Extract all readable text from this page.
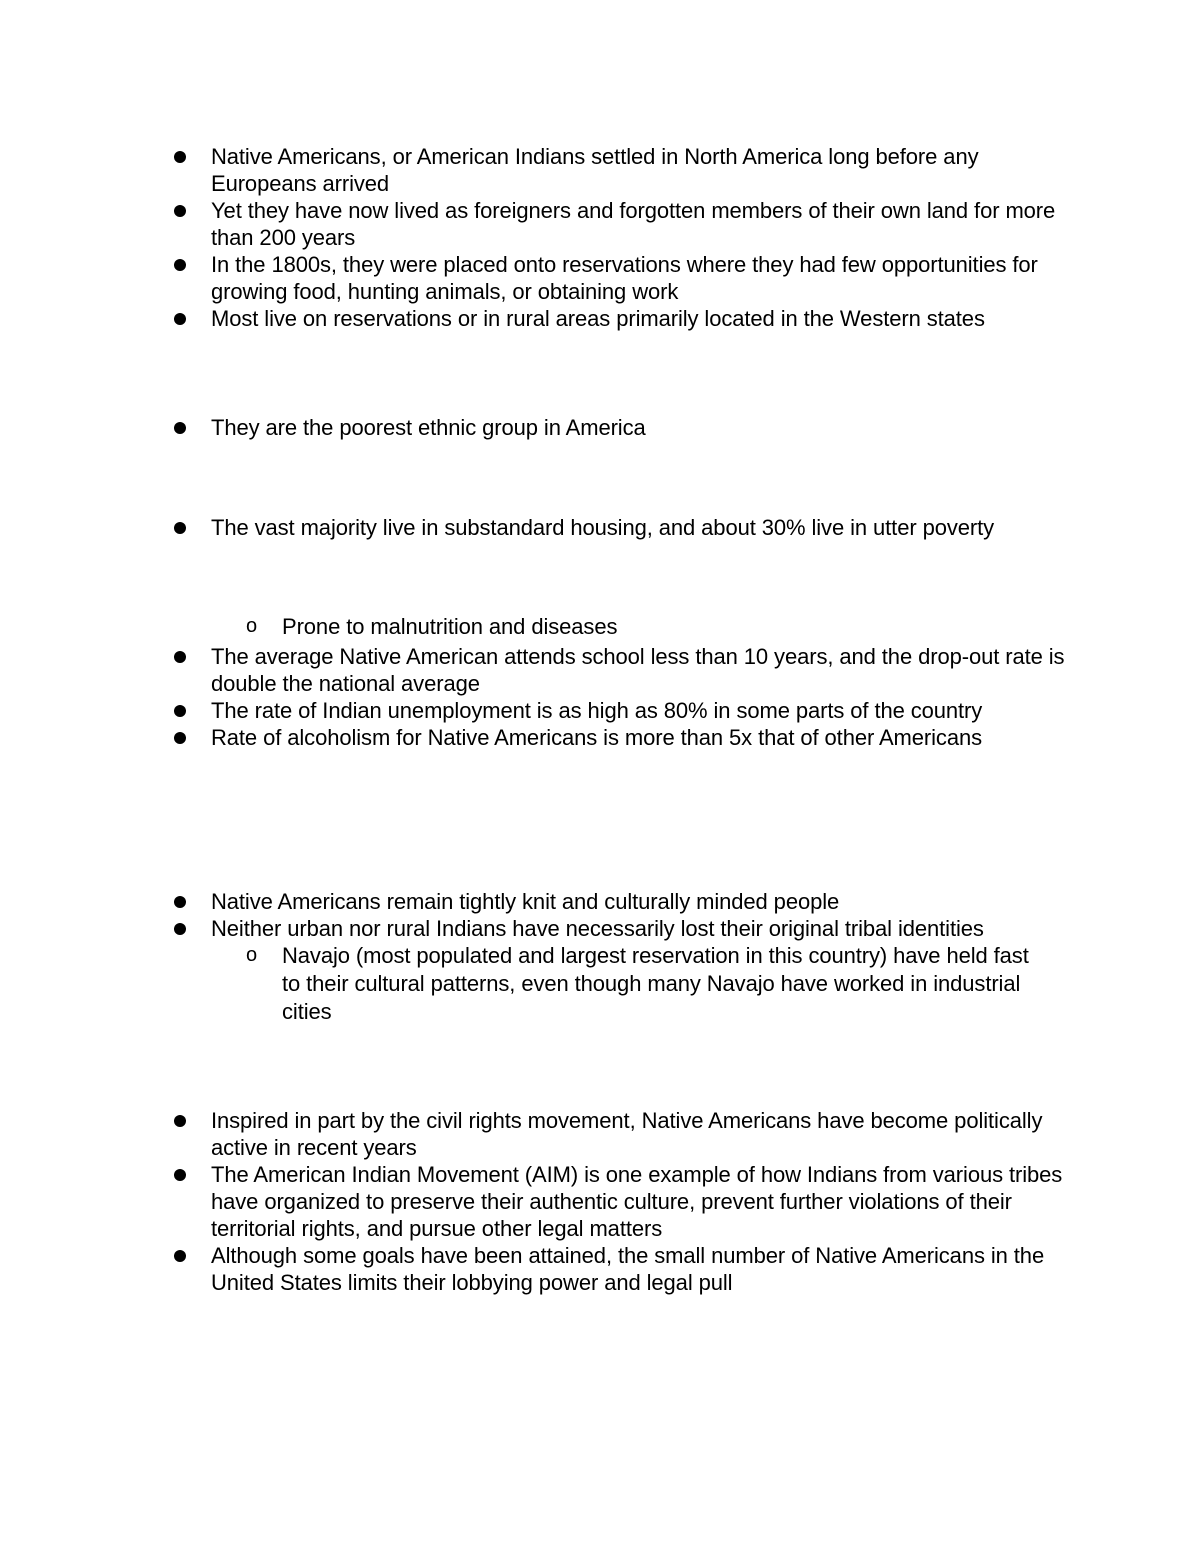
Native Americans, or American Indians settled in North America long before any Europeans arrived
Yet they have now lived as foreigners and forgotten members of their own land for more than 200 years
In the 1800s, they were placed onto reservations where they had few opportunities for growing food, hunting animals, or obtaining work
Most live on reservations or in rural areas primarily located in the Western states
They are the poorest ethnic group in America
The vast majority live in substandard housing, and about 30% live in utter poverty
o Prone to malnutrition and diseases
The average Native American attends school less than 10 years, and the drop-out rate is double the national average
The rate of Indian unemployment is as high as 80% in some parts of the country
Rate of alcoholism for Native Americans is more than 5x that of other Americans
Native Americans remain tightly knit and culturally minded people
Neither urban nor rural Indians have necessarily lost their original tribal identities
o Navajo (most populated and largest reservation in this country) have held fast to their cultural patterns, even though many Navajo have worked in industrial cities
Inspired in part by the civil rights movement, Native Americans have become politically active in recent years
The American Indian Movement (AIM) is one example of how Indians from various tribes have organized to preserve their authentic culture, prevent further violations of their territorial rights, and pursue other legal matters
Although some goals have been attained, the small number of Native Americans in the United States limits their lobbying power and legal pull
